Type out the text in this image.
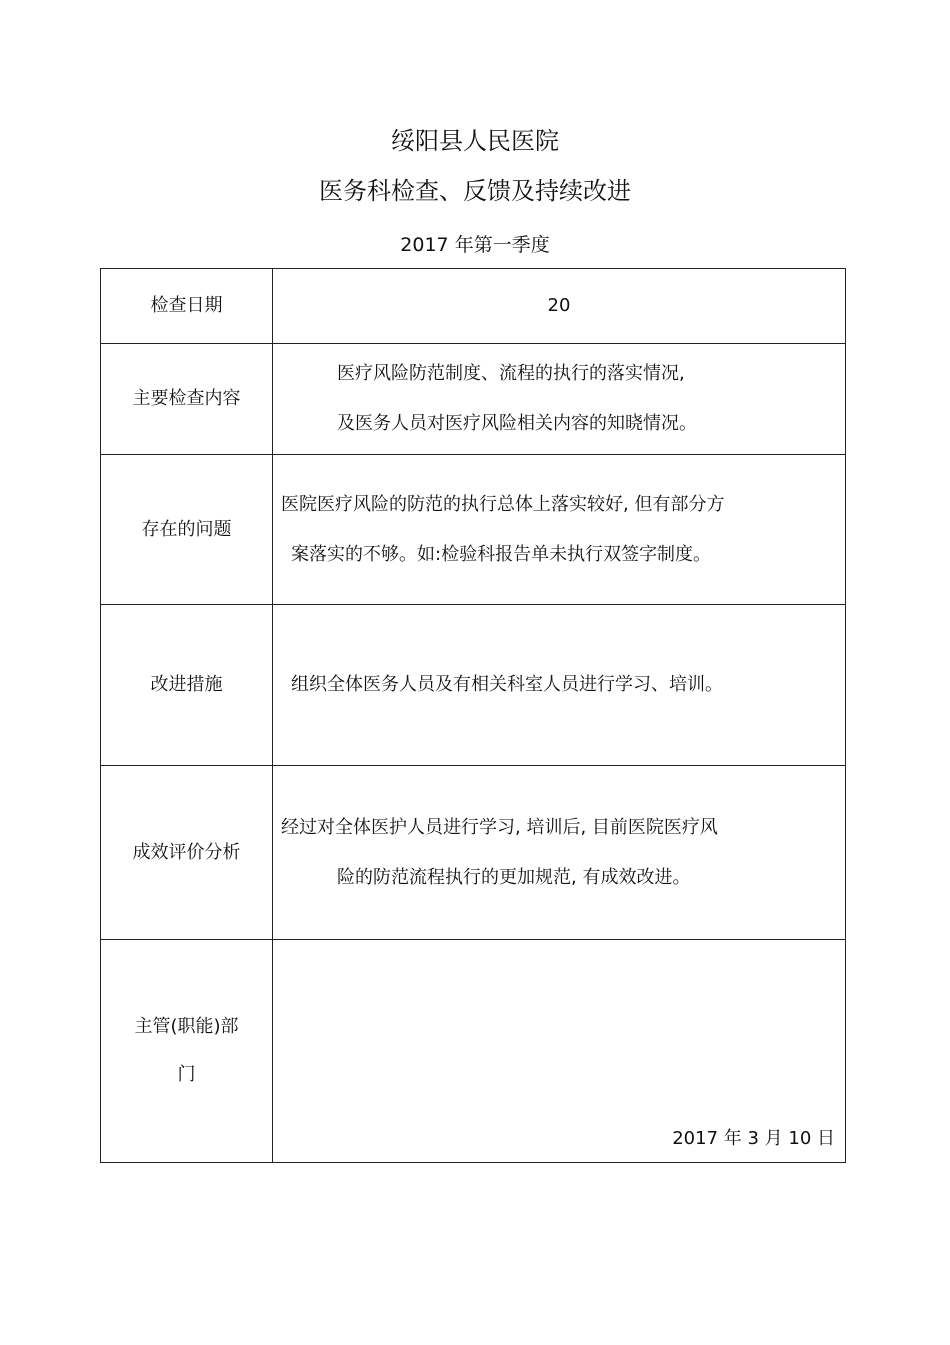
绥阳县人民医院
医务科检查、反馈及持续改进
2017 年第一季度
检查日期	20
主要检查内容	医疗风险防范制度、流程的执行的落实情况,
及医务人员对医疗风险相关内容的知晓情况。

存在的问题	医院医疗风险的防范的执行总体上落实较好, 但有部分方
案落实的不够。如:检验科报告单未执行双签字制度。

改进措施	组织全体医务人员及有相关科室人员进行学习、培训。

成效评价分析	经过对全体医护人员进行学习, 培训后, 目前医院医疗风
险的防范流程执行的更加规范, 有成效改进。

主管(职能)部
门	2017 年 3 月 10 日
